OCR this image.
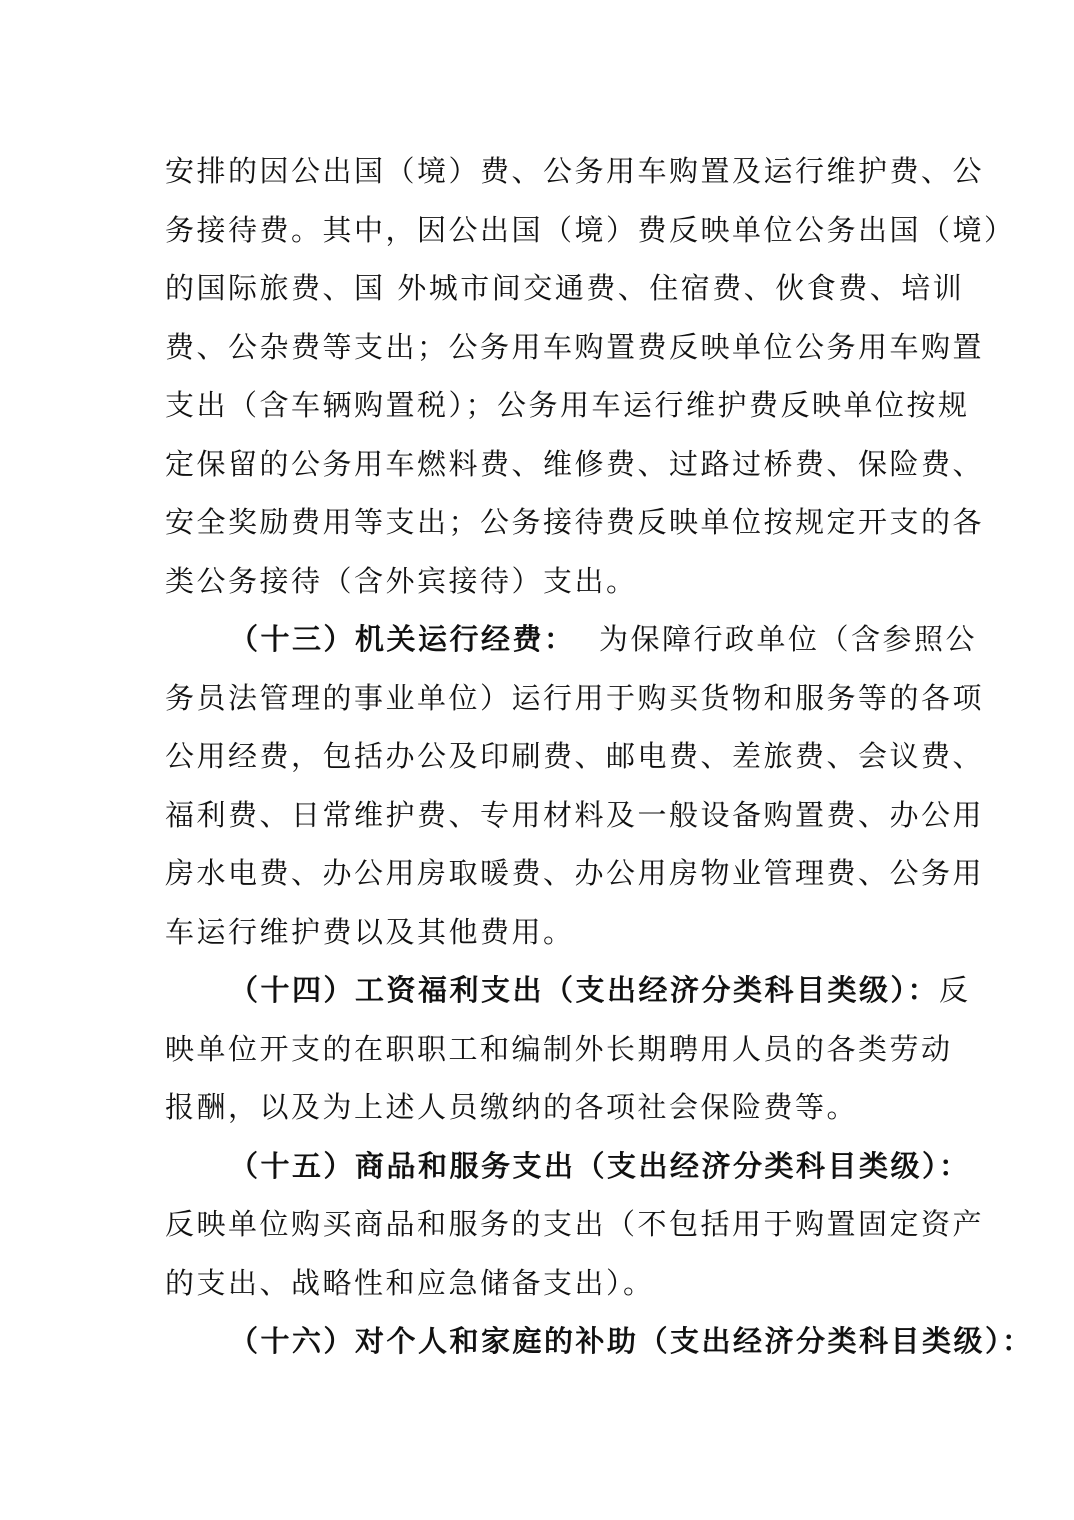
安排的因公出国（境）费、公务用车购置及运行维护费、公
务接待费。其中，因公出国（境）费反映单位公务出国（境）
的国际旅费、国 外城市间交通费、住宿费、伙食费、培训
费、公杂费等支出；公务用车购置费反映单位公务用车购置
支出（含车辆购置税）；公务用车运行维护费反映单位按规
定保留的公务用车燃料费、维修费、过路过桥费、保险费、
安全奖励费用等支出；公务接待费反映单位按规定开支的各
类公务接待（含外宾接待）支出。
（十三）机关运行经费： 为保障行政单位（含参照公
务员法管理的事业单位）运行用于购买货物和服务等的各项
公用经费，包括办公及印刷费、邮电费、差旅费、会议费、
福利费、日常维护费、专用材料及一般设备购置费、办公用
房水电费、办公用房取暖费、办公用房物业管理费、公务用
车运行维护费以及其他费用。
（十四）工资福利支出（支出经济分类科目类级）：反
映单位开支的在职职工和编制外长期聘用人员的各类劳动
报酬，以及为上述人员缴纳的各项社会保险费等。
（十五）商品和服务支出（支出经济分类科目类级）：
反映单位购买商品和服务的支出（不包括用于购置固定资产
的支出、战略性和应急储备支出）。
（十六）对个人和家庭的补助（支出经济分类科目类级）：
